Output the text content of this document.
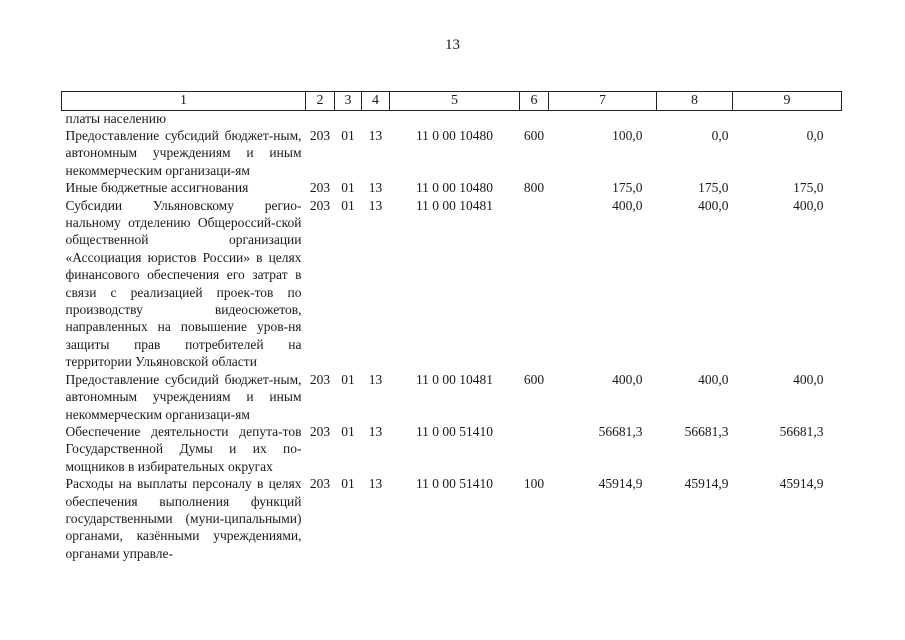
13
1	2	3	4	5	6	7	8	9
платы населению								
Предоставление субсидий бюджет-ным, автономным учреждениям и иным некоммерческим организаци-ям	203	01	13	11 0 00 10480	600	100,0	0,0	0,0
Иные бюджетные ассигнования	203	01	13	11 0 00 10480	800	175,0	175,0	175,0
Субсидии Ульяновскому регио-нальному отделению Общероссий-ской общественной организации «Ассоциация юристов России» в целях финансового обеспечения его затрат в связи с реализацией проек-тов по производству видеосюжетов, направленных на повышение уров-ня защиты прав потребителей на территории Ульяновской области	203	01	13	11 0 00 10481		400,0	400,0	400,0
Предоставление субсидий бюджет-ным, автономным учреждениям и иным некоммерческим организаци-ям	203	01	13	11 0 00 10481	600	400,0	400,0	400,0
Обеспечение деятельности депута-тов Государственной Думы и их по-мощников в избирательных округах	203	01	13	11 0 00 51410		56681,3	56681,3	56681,3
Расходы на выплаты персоналу в целях обеспечения выполнения функций государственными (муни-ципальными) органами, казёнными учреждениями, органами управле-	203	01	13	11 0 00 51410	100	45914,9	45914,9	45914,9
